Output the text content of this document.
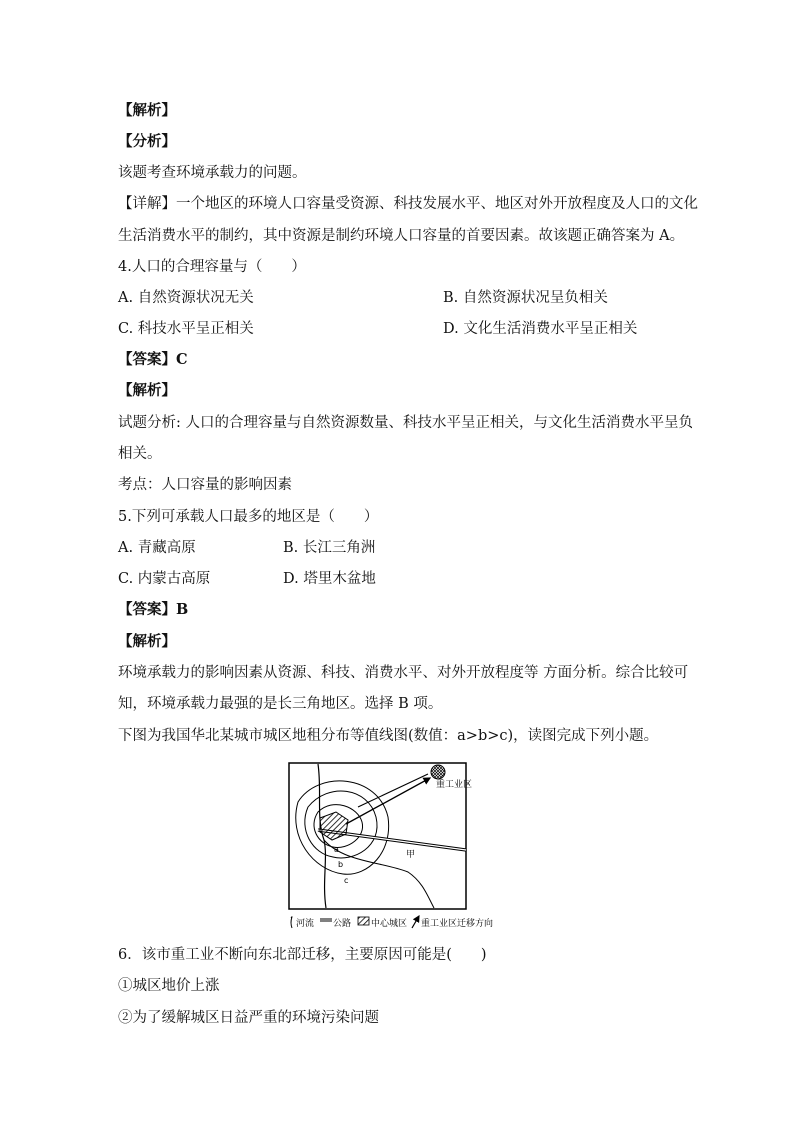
【解析】
【分析】
该题考查环境承载力的问题。
【详解】一个地区的环境人口容量受资源、科技发展水平、地区对外开放程度及人口的文化
生活消费水平的制约，其中资源是制约环境人口容量的首要因素。故该题正确答案为 A。
4.人口的合理容量与（　　）
A. 自然资源状况无关	B. 自然资源状况呈负相关
C. 科技水平呈正相关	D. 文化生活消费水平呈正相关
【答案】C
【解析】
试题分析: 人口的合理容量与自然资源数量、科技水平呈正相关，与文化生活消费水平呈负
相关。
考点：人口容量的影响因素
5.下列可承载人口最多的地区是（　　）
A. 青藏高原	B. 长江三角洲
C. 内蒙古高原	D. 塔里木盆地
【答案】B
【解析】
环境承载力的影响因素从资源、科技、消费水平、对外开放程度等 方面分析。综合比较可
知，环境承载力最强的是长三角地区。选择 B 项。
下图为我国华北某城市城区地租分布等值线图(数值：a>b>c)，读图完成下列小题。
重工业区
甲
a
b
c
河流 公路 中心城区 重工业区迁移方向
6．该市重工业不断向东北部迁移，主要原因可能是(　　)
①城区地价上涨
②为了缓解城区日益严重的环境污染问题
